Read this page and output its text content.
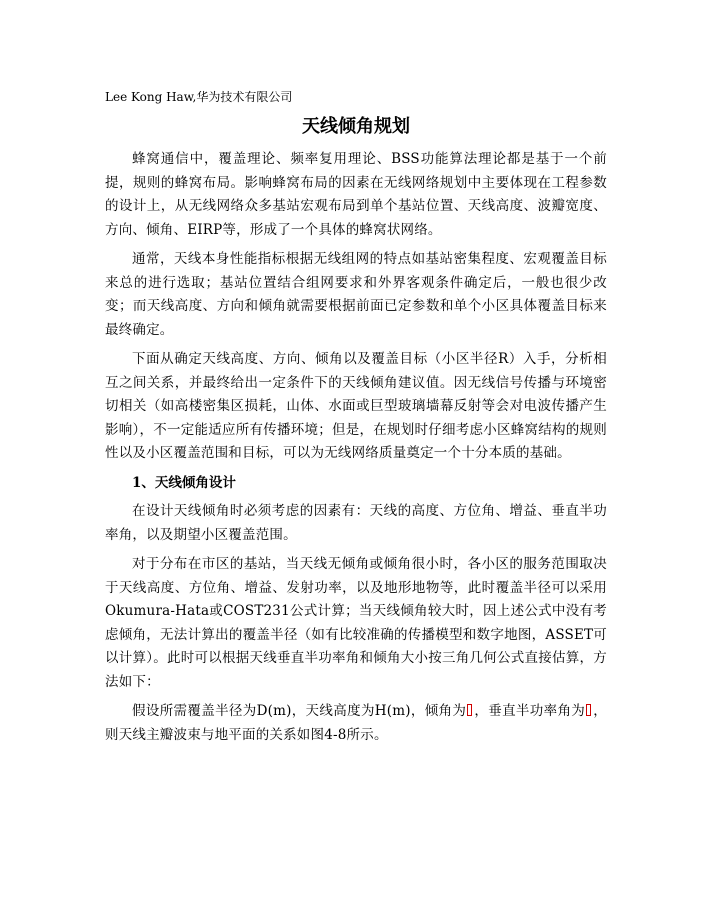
Lee Kong Haw,华为技术有限公司
天线倾角规划

蜂窝通信中，覆盖理论、频率复用理论、BSS功能算法理论都是基于一个前提，规则的蜂窝布局。影响蜂窝布局的因素在无线网络规划中主要体现在工程参数的设计上，从无线网络众多基站宏观布局到单个基站位置、天线高度、波瓣宽度、方向、倾角、EIRP等，形成了一个具体的蜂窝状网络。

通常，天线本身性能指标根据无线组网的特点如基站密集程度、宏观覆盖目标来总的进行选取；基站位置结合组网要求和外界客观条件确定后，一般也很少改变；而天线高度、方向和倾角就需要根据前面已定参数和单个小区具体覆盖目标来最终确定。

下面从确定天线高度、方向、倾角以及覆盖目标（小区半径R）入手，分析相互之间关系，并最终给出一定条件下的天线倾角建议值。因无线信号传播与环境密切相关（如高楼密集区损耗，山体、水面或巨型玻璃墙幕反射等会对电波传播产生影响），不一定能适应所有传播环境；但是，在规划时仔细考虑小区蜂窝结构的规则性以及小区覆盖范围和目标，可以为无线网络质量奠定一个十分本质的基础。

1、天线倾角设计

在设计天线倾角时必须考虑的因素有：天线的高度、方位角、增益、垂直半功率角，以及期望小区覆盖范围。

对于分布在市区的基站，当天线无倾角或倾角很小时，各小区的服务范围取决于天线高度、方位角、增益、发射功率，以及地形地物等，此时覆盖半径可以采用Okumura-Hata或COST231公式计算；当天线倾角较大时，因上述公式中没有考虑倾角，无法计算出的覆盖半径（如有比较准确的传播模型和数字地图，ASSET可以计算）。此时可以根据天线垂直半功率角和倾角大小按三角几何公式直接估算，方法如下：

假设所需覆盖半径为D(m)，天线高度为H(m)，倾角为 ，垂直半功率角为 ，则天线主瓣波束与地平面的关系如图4-8所示。
